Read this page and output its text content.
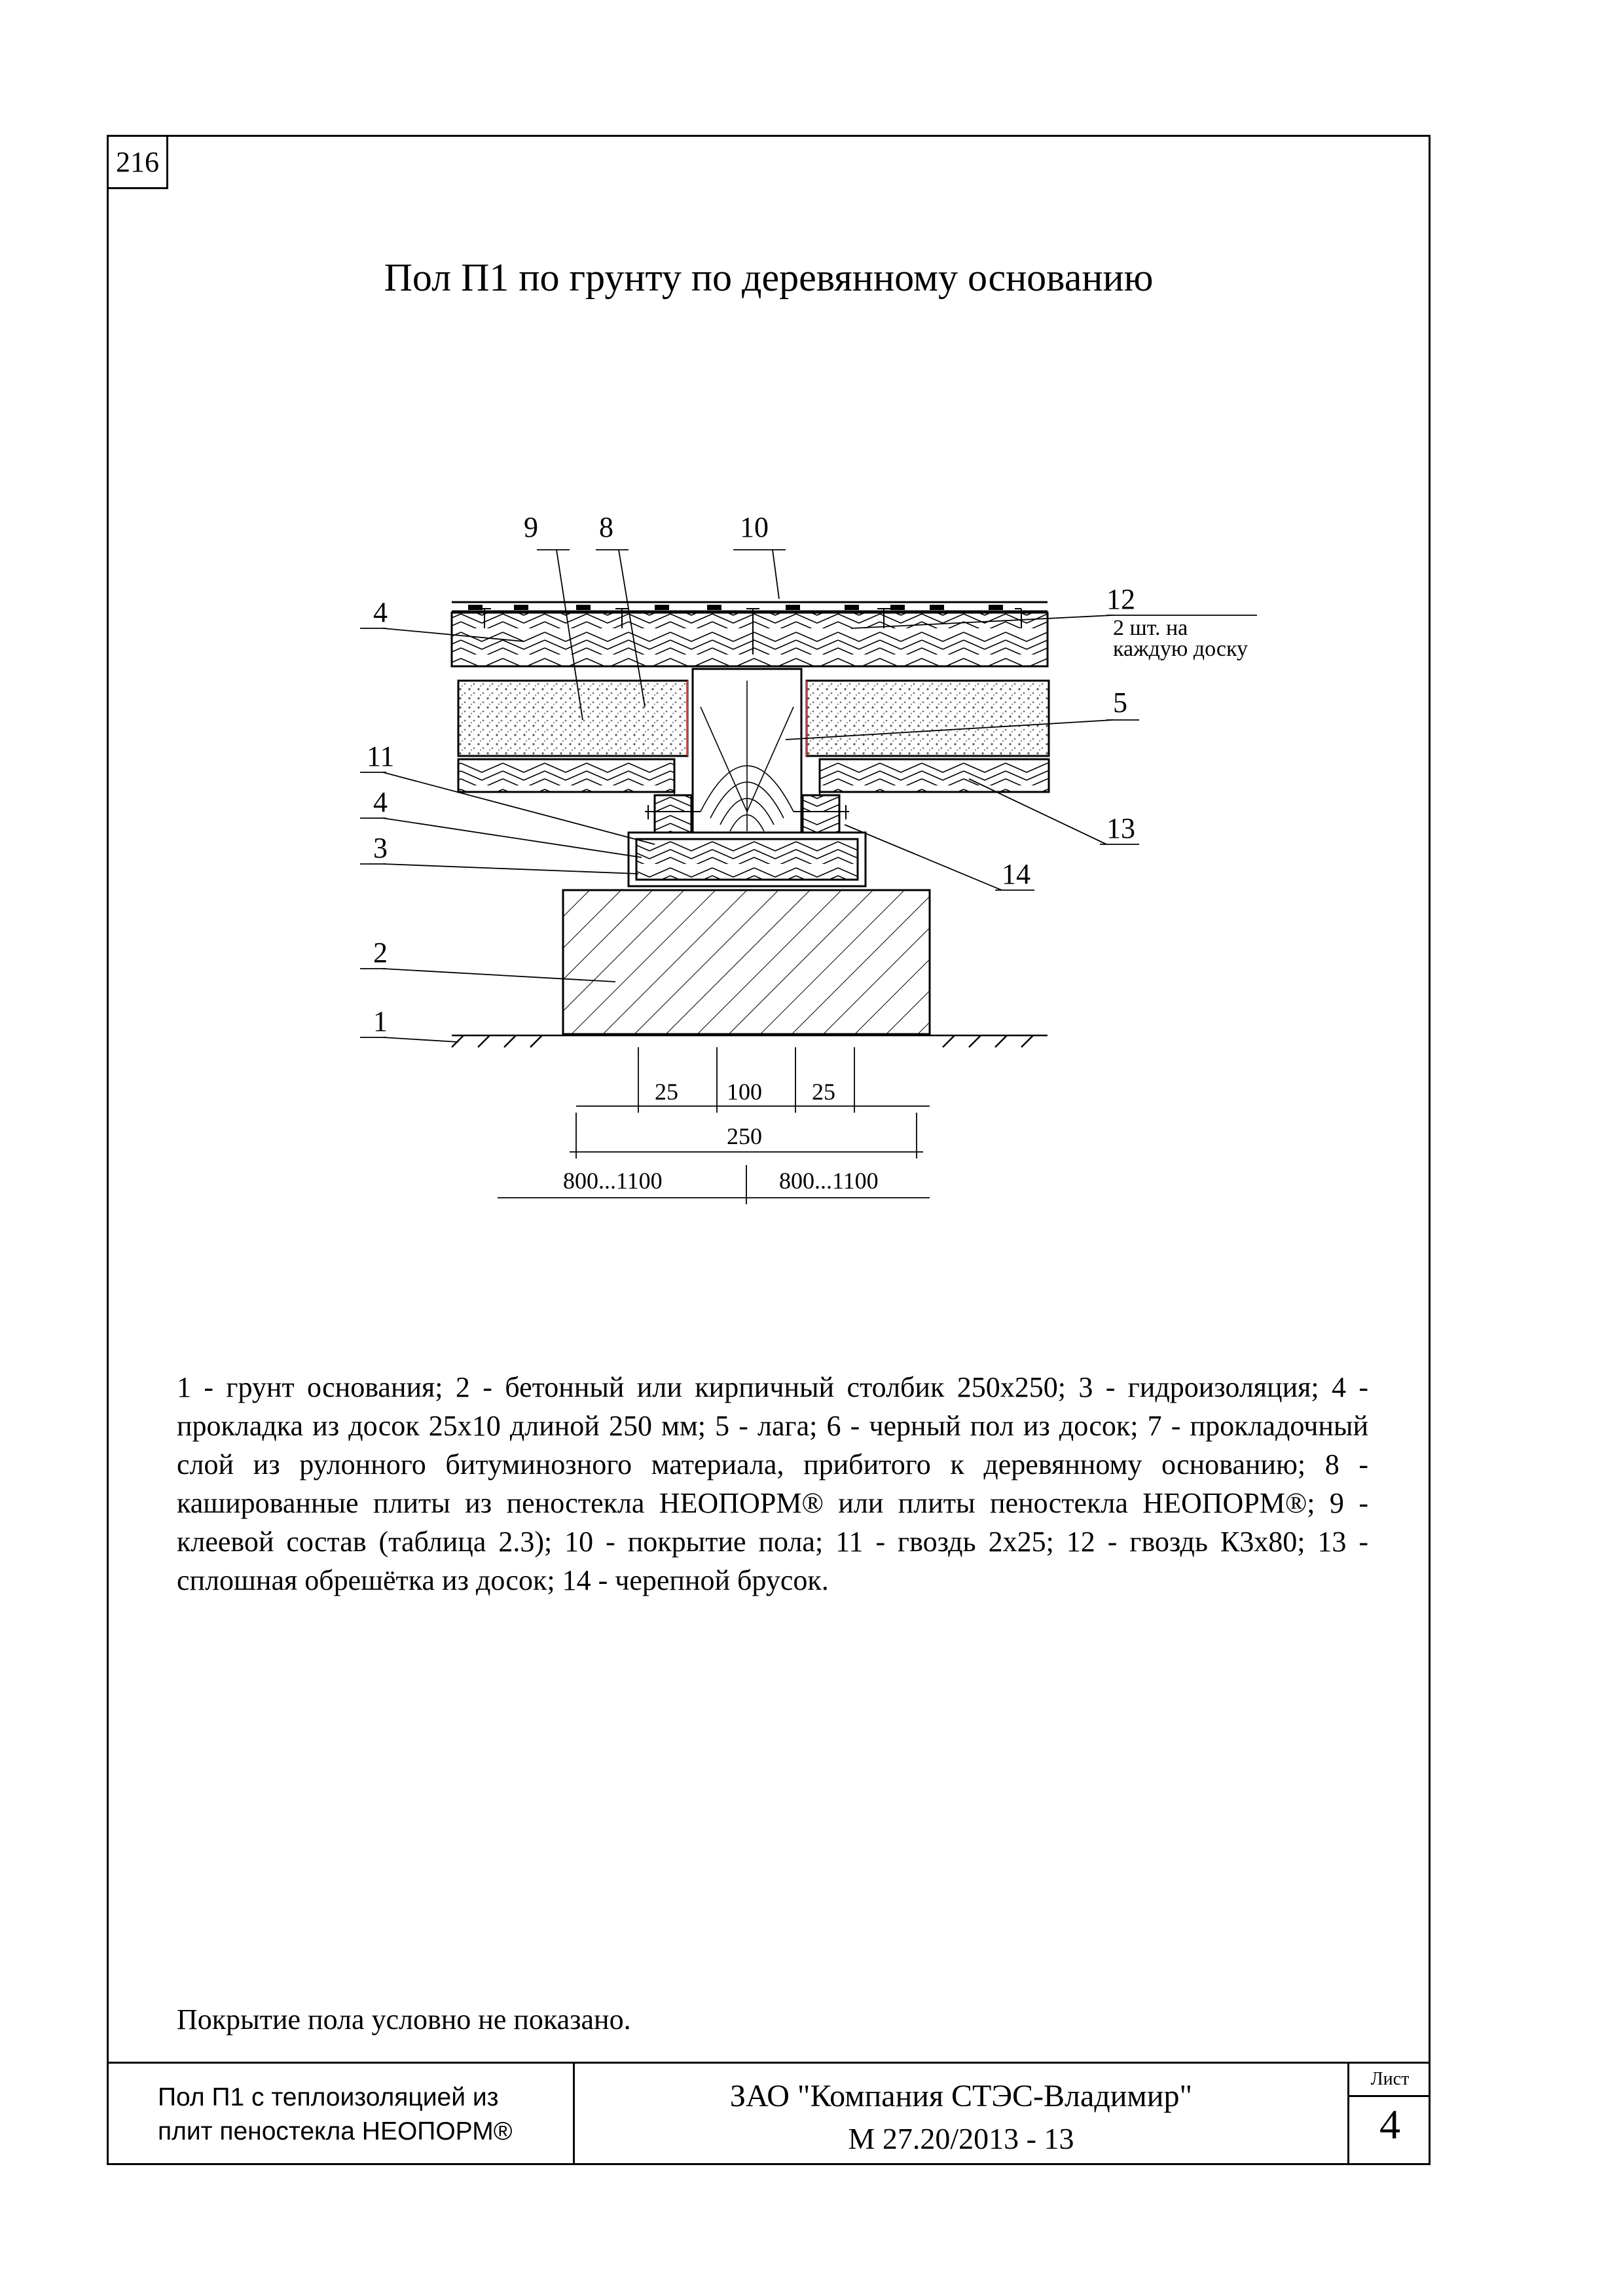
216
Пол П1 по грунту по деревянному основанию
9 8	10
4	12
2 шт. на
каждую доску
5
11
4
3
13
14
2
1
25 100 25
250
800...1100	800...1100

1 - грунт основания; 2 - бетонный или кирпичный столбик 250х250; 3 - гидроизоляция; 4 - прокладка из досок 25х10 длиной 250 мм; 5 - лага; 6 - черный пол из досок; 7 - прокладочный слой из рулонного битуминозного материала, прибитого к деревянному основанию; 8 - кашированные плиты из пеностекла НЕОПОРМ® или плиты пеностекла НЕОПОРМ®; 9 - клеевой состав (таблица 2.3); 10 - покрытие пола; 11 - гвоздь 2х25; 12 - гвоздь К3х80; 13 - сплошная обрешётка из досок; 14 - черепной брусок.

Покрытие пола условно не показано.

Пол П1 с теплоизоляцией из
плит пеностекла НЕОПОРМ®
ЗАО "Компания СТЭС-Владимир"
М 27.20/2013 - 13
Лист
4
